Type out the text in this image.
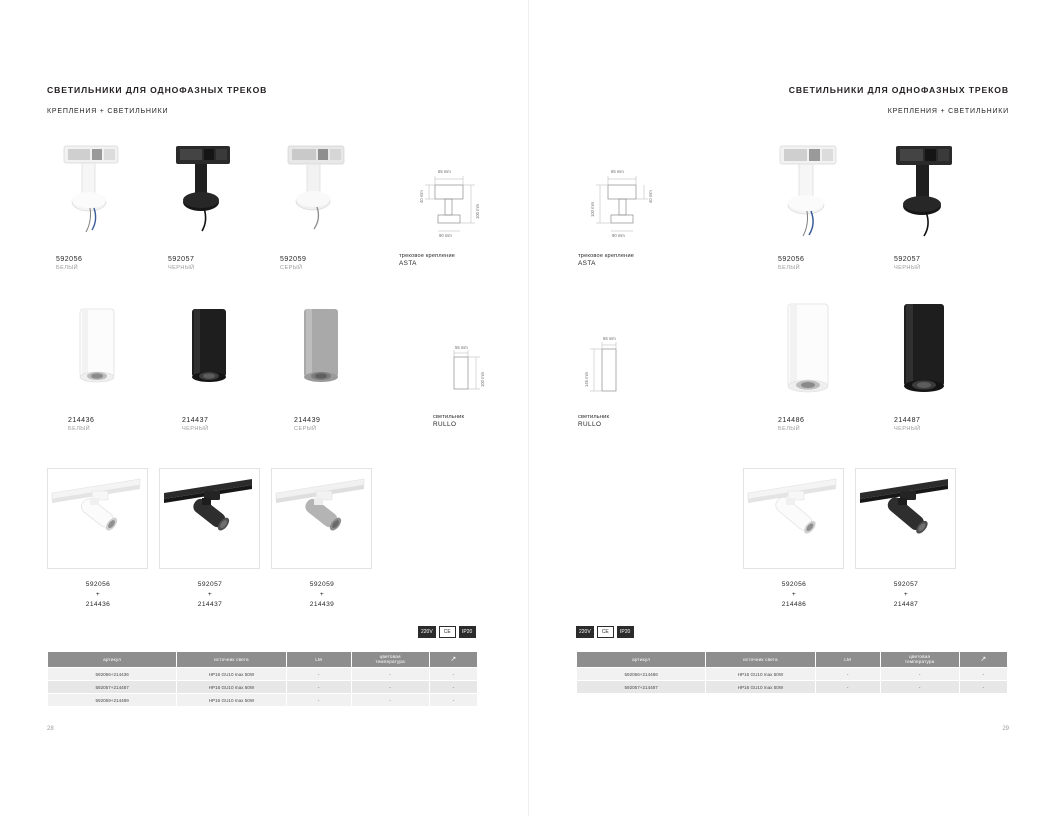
СВЕТИЛЬНИКИ ДЛЯ ОДНОФАЗНЫХ ТРЕКОВ
КРЕПЛЕНИЯ + СВЕТИЛЬНИКИ
592056
БЕЛЫЙ
592057
ЧЕРНЫЙ
592059
СЕРЫЙ
65 mm
40 mm
100 mm
90 mm
трековое крепление
ASTA
214436
БЕЛЫЙ
214437
ЧЕРНЫЙ
214439
СЕРЫЙ
55 mm
100 mm
светильник
RULLO
592056
+
214436
592057
+
214437
592059
+
214439
220V	CE	IP20
артикул	источник света	LM	цветовая
температура	↗
592056+214436	HP16 GU10 max 50W	-	-	-
592057+214487	HP16 GU10 max 50W	-	-	-
592059+214489	HP16 GU10 max 50W	-	-	-
28
СВЕТИЛЬНИКИ ДЛЯ ОДНОФАЗНЫХ ТРЕКОВ
КРЕПЛЕНИЯ + СВЕТИЛЬНИКИ
65 mm
100 mm
40 mm
90 mm
трековое крепление
ASTA
592056
БЕЛЫЙ
592057
ЧЕРНЫЙ
55 mm
145 mm
светильник
RULLO
214486
БЕЛЫЙ
214487
ЧЕРНЫЙ
592056
+
214486
592057
+
214487
220V	CE	IP20
артикул	источник света	LM	цветовая
температура	↗
592056+214486	HP16 GU10 max 50W	-	-	-
592057+214487	HP16 GU10 max 50W	-	-	-
29
